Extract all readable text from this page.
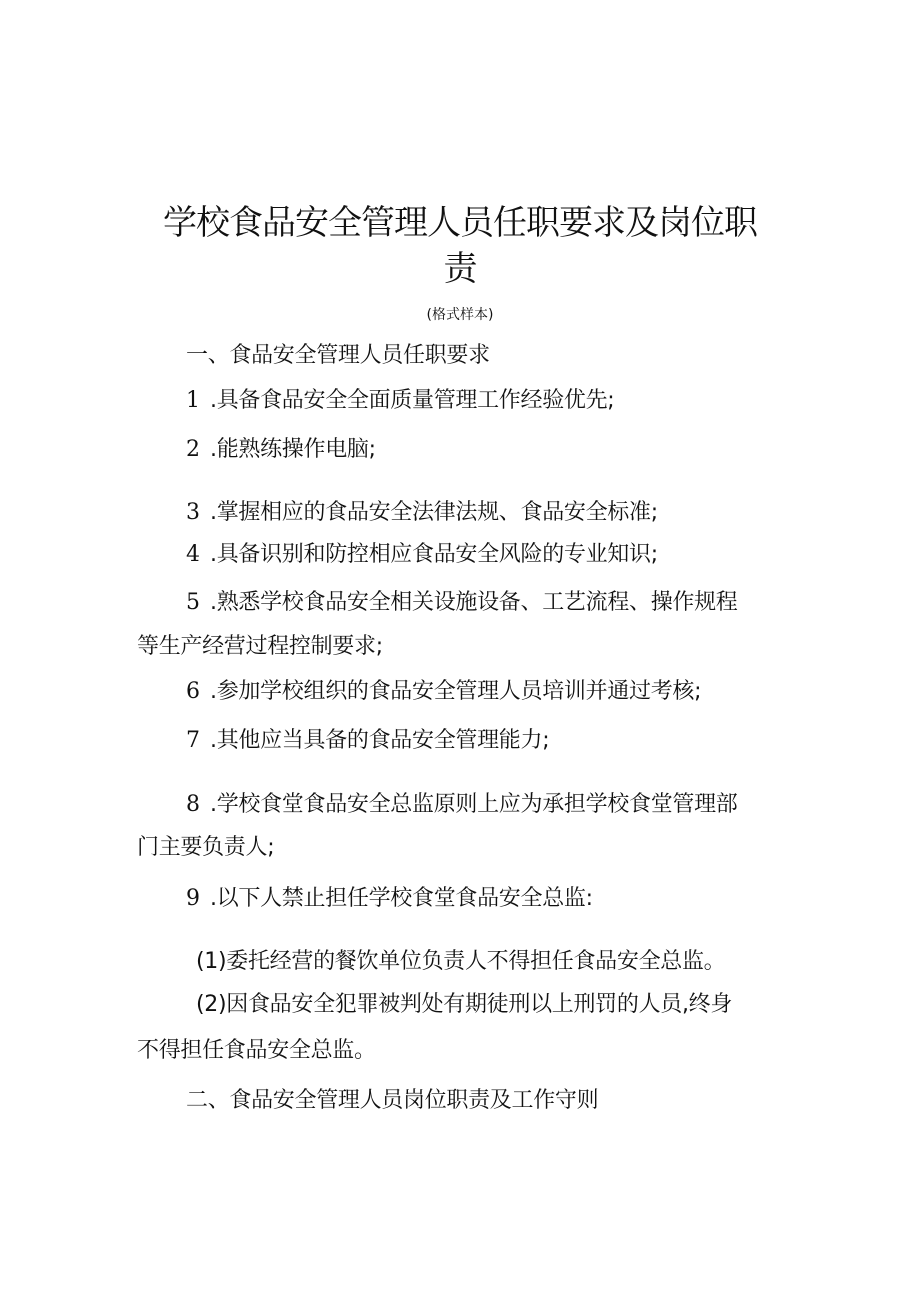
学校食品安全管理人员任职要求及岗位职
责
(格式样本)
一、食品安全管理人员任职要求
1 .具备食品安全全面质量管理工作经验优先;
2 .能熟练操作电脑;
3 .掌握相应的食品安全法律法规、食品安全标准;
4 .具备识别和防控相应食品安全风险的专业知识;
5 .熟悉学校食品安全相关设施设备、工艺流程、操作规程
等生产经营过程控制要求;
6 .参加学校组织的食品安全管理人员培训并通过考核;
7 .其他应当具备的食品安全管理能力;
8 .学校食堂食品安全总监原则上应为承担学校食堂管理部
门主要负责人;
9 .以下人禁止担任学校食堂食品安全总监:
(1)委托经营的餐饮单位负责人不得担任食品安全总监。
(2)因食品安全犯罪被判处有期徒刑以上刑罚的人员,终身
不得担任食品安全总监。
二、食品安全管理人员岗位职责及工作守则
